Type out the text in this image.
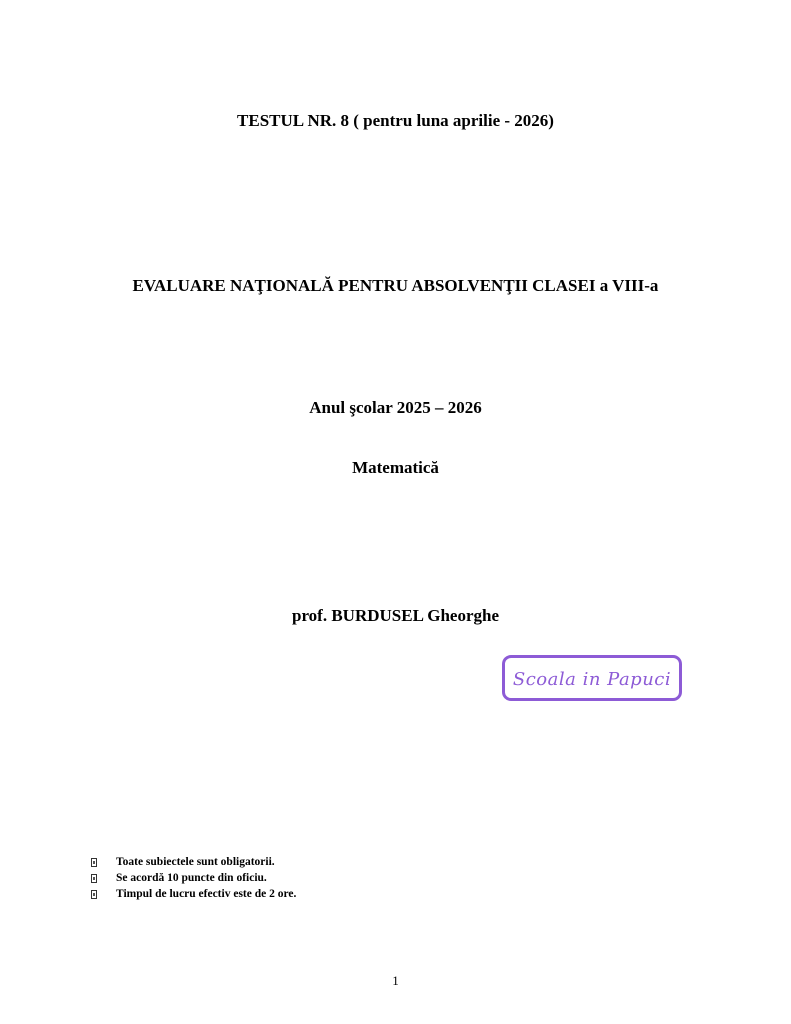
TESTUL NR. 8 ( pentru luna aprilie - 2026)
EVALUARE NAŢIONALĂ PENTRU ABSOLVENŢII CLASEI a VIII-a
Anul şcolar 2025 – 2026
Matematică
prof. BURDUSEL Gheorghe
Scoala in Papuci
Toate subiectele sunt obligatorii.
Se acordă 10 puncte din oficiu.
Timpul de lucru efectiv este de 2 ore.
1
